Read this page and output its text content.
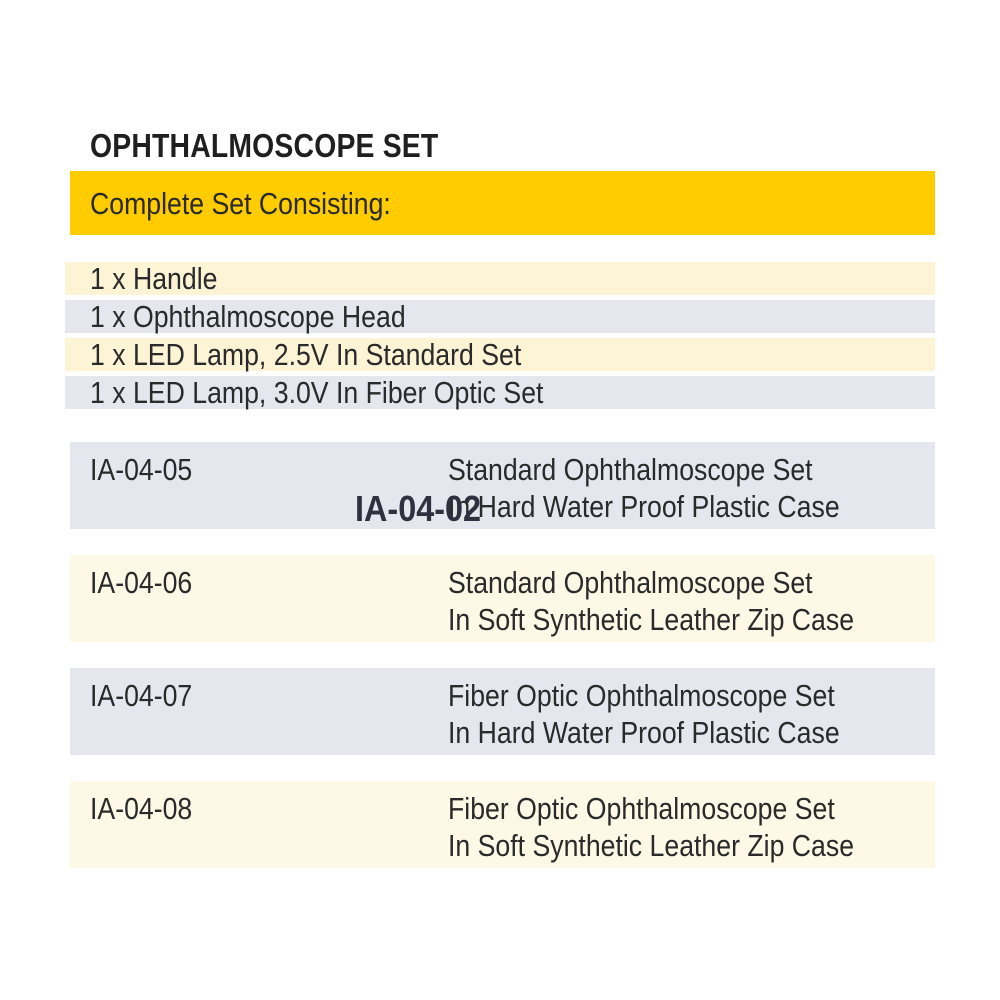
OPHTHALMOSCOPE SET
Complete Set Consisting:
1 x Handle
1 x Ophthalmoscope Head
1 x LED Lamp, 2.5V In Standard Set
1 x LED Lamp, 3.0V In Fiber Optic Set
IA-04-05	Standard Ophthalmoscope Set
In Hard Water Proof Plastic Case
IA-04-06	Standard Ophthalmoscope Set
In Soft Synthetic Leather Zip Case
IA-04-07	Fiber Optic Ophthalmoscope Set
In Hard Water Proof Plastic Case
IA-04-08	Fiber Optic Ophthalmoscope Set
In Soft Synthetic Leather Zip Case
IA-04-02
